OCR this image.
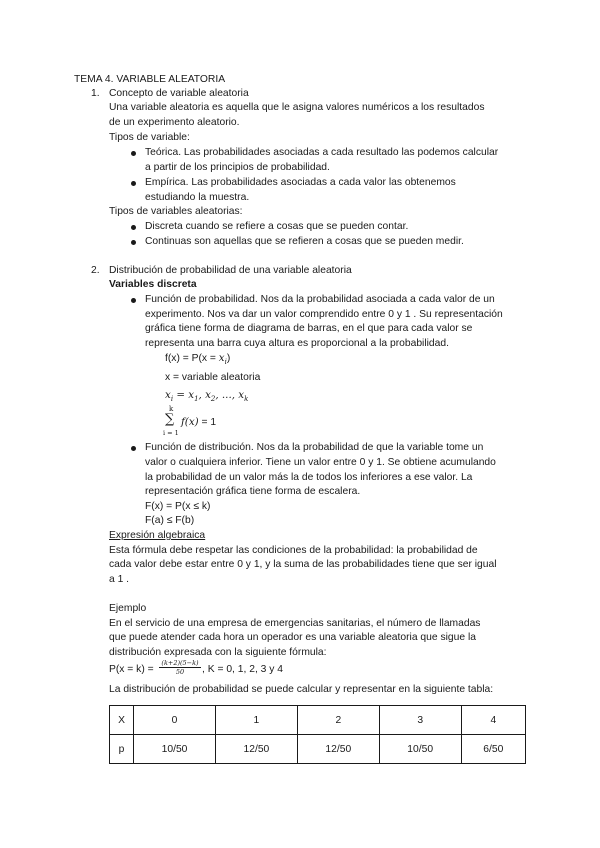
TEMA 4. VARIABLE ALEATORIA
1. Concepto de variable aleatoria
Una variable aleatoria es aquella que le asigna valores numéricos a los resultados
de un experimento aleatorio.
Tipos de variable:
Teórica. Las probabilidades asociadas a cada resultado las podemos calcular
a partir de los principios de probabilidad.
Empírica. Las probabilidades asociadas a cada valor las obtenemos
estudiando la muestra.
Tipos de variables aleatorias:
Discreta cuando se refiere a cosas que se pueden contar.
Continuas son aquellas que se refieren a cosas que se pueden medir.
2. Distribución de probabilidad de una variable aleatoria
Variables discreta
Función de probabilidad. Nos da la probabilidad asociada a cada valor de un
experimento. Nos va dar un valor comprendido entre 0 y 1 . Su representación
gráfica tiene forma de diagrama de barras, en el que para cada valor se
representa una barra cuya altura es proporcional a la probabilidad.
$f(x) = P(x = x_i)$
x = variable aleatoria
$x_i = x_1$, $x_2$, ..., $x_k$
k
∑
i = 1
f(x) = 1
Función de distribución. Nos da la probabilidad de que la variable tome un
valor o cualquiera inferior. Tiene un valor entre 0 y 1. Se obtiene acumulando
la probabilidad de un valor más la de todos los inferiores a ese valor. La
representación gráfica tiene forma de escalera.
F(x) = P(x ≤ k)
F(a) ≤ F(b)
Expresión algebraica
Esta fórmula debe respetar las condiciones de la probabilidad: la probabilidad de
cada valor debe estar entre 0 y 1, y la suma de las probabilidades tiene que ser igual
a 1 .
Ejemplo
En el servicio de una empresa de emergencias sanitarias, el número de llamadas
que puede atender cada hora un operador es una variable aleatoria que sigue la
distribución expresada con la siguiente fórmula:
$P(x = k) = \frac{(k+2)(5-k)}{50}$ , K = 0, 1, 2, 3 y 4
La distribución de probabilidad se puede calcular y representar en la siguiente tabla:
X	0	1	2	3	4
p	10/50	12/50	12/50	10/50	6/50
